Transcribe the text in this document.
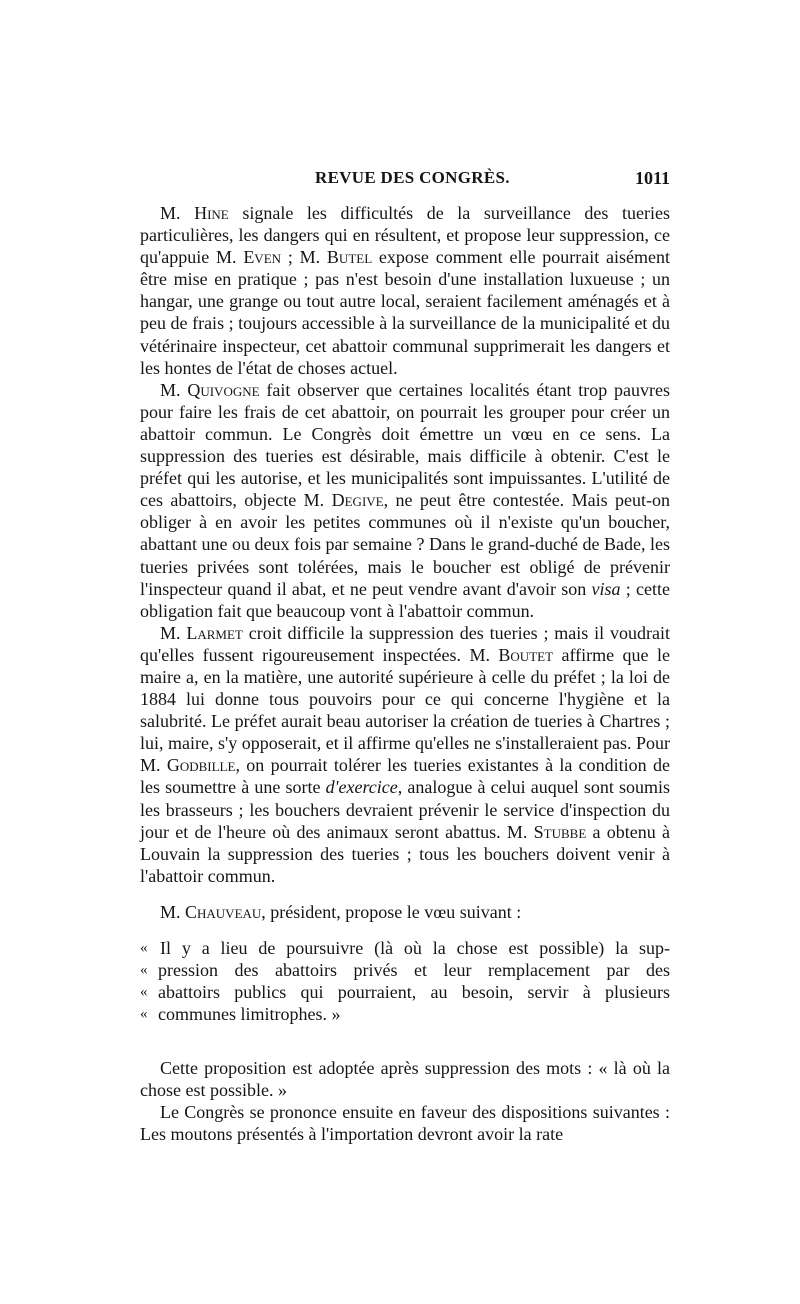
REVUE DES CONGRÈS.	1011

M. Hine signale les difficultés de la surveillance des tueries particulières, les dangers qui en résultent, et propose leur suppression, ce qu'appuie M. Even ; M. Butel expose comment elle pourrait aisément être mise en pratique ; pas n'est besoin d'une installation luxueuse ; un hangar, une grange ou tout autre local, seraient facilement aménagés et à peu de frais ; toujours accessible à la surveillance de la municipalité et du vétérinaire inspecteur, cet abattoir communal supprimerait les dangers et les hontes de l'état de choses actuel.

M. Quivogne fait observer que certaines localités étant trop pauvres pour faire les frais de cet abattoir, on pourrait les grouper pour créer un abattoir commun. Le Congrès doit émettre un vœu en ce sens. La suppression des tueries est désirable, mais difficile à obtenir. C'est le préfet qui les autorise, et les municipalités sont impuissantes. L'utilité de ces abattoirs, objecte M. Degive, ne peut être contestée. Mais peut-on obliger à en avoir les petites communes où il n'existe qu'un boucher, abattant une ou deux fois par semaine ? Dans le grand-duché de Bade, les tueries privées sont tolérées, mais le boucher est obligé de prévenir l'inspecteur quand il abat, et ne peut vendre avant d'avoir son visa ; cette obligation fait que beaucoup vont à l'abattoir commun.

M. Larmet croit difficile la suppression des tueries ; mais il voudrait qu'elles fussent rigoureusement inspectées. M. Boutet affirme que le maire a, en la matière, une autorité supérieure à celle du préfet ; la loi de 1884 lui donne tous pouvoirs pour ce qui concerne l'hygiène et la salubrité. Le préfet aurait beau autoriser la création de tueries à Chartres ; lui, maire, s'y opposerait, et il affirme qu'elles ne s'installeraient pas. Pour M. Godbille, on pourrait tolérer les tueries existantes à la condition de les soumettre à une sorte d'exercice, analogue à celui auquel sont soumis les brasseurs ; les bouchers devraient prévenir le service d'inspection du jour et de l'heure où des animaux seront abattus. M. Stubbe a obtenu à Louvain la suppression des tueries ; tous les bouchers doivent venir à l'abattoir commun.

M. Chauveau, président, propose le vœu suivant :

« Il y a lieu de poursuivre (là où la chose est possible) la sup-
« pression des abattoirs privés et leur remplacement par des
« abattoirs publics qui pourraient, au besoin, servir à plusieurs
« communes limitrophes. »

Cette proposition est adoptée après suppression des mots : « là où la chose est possible. »

Le Congrès se prononce ensuite en faveur des dispositions suivantes : Les moutons présentés à l'importation devront avoir la rate
